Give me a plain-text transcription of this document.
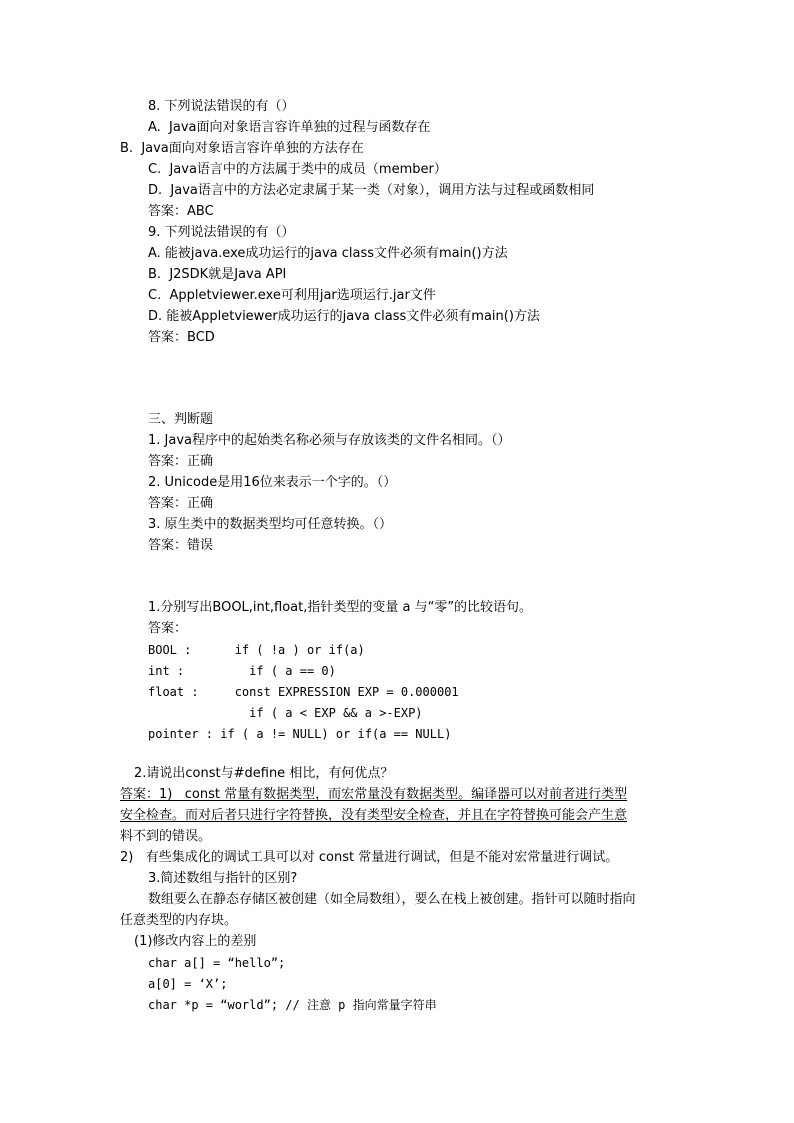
8. 下列说法错误的有（）
A.  Java面向对象语言容许单独的过程与函数存在
B.  Java面向对象语言容许单独的方法存在
C.  Java语言中的方法属于类中的成员（member）
D.  Java语言中的方法必定隶属于某一类（对象），调用方法与过程或函数相同
答案：ABC
9. 下列说法错误的有（）
A. 能被java.exe成功运行的java class文件必须有main()方法
B.  J2SDK就是Java API
C.  Appletviewer.exe可利用jar选项运行.jar文件
D. 能被Appletviewer成功运行的java class文件必须有main()方法
答案：BCD
三、判断题
1. Java程序中的起始类名称必须与存放该类的文件名相同。（）
答案：正确
2. Unicode是用16位来表示一个字的。（）
答案：正确
3. 原生类中的数据类型均可任意转换。（）
答案：错误
1.分别写出BOOL,int,float,指针类型的变量 a 与“零”的比较语句。
答案：
BOOL :      if ( !a ) or if(a)
int :         if ( a == 0)
float :     const EXPRESSION EXP = 0.000001
if ( a < EXP && a >-EXP)
pointer : if ( a != NULL) or if(a == NULL)
2.请说出const与#define 相比，有何优点？
答案：1)   const 常量有数据类型，而宏常量没有数据类型。编译器可以对前者进行类型
安全检查。而对后者只进行字符替换，没有类型安全检查，并且在字符替换可能会产生意
料不到的错误。
2)   有些集成化的调试工具可以对 const 常量进行调试，但是不能对宏常量进行调试。
3.简述数组与指针的区别?
数组要么在静态存储区被创建（如全局数组），要么在栈上被创建。指针可以随时指向
任意类型的内存块。
(1)修改内容上的差别
char a[] = “hello”;
a[0] = ‘X’;
char *p = “world”; // 注意 p 指向常量字符串
